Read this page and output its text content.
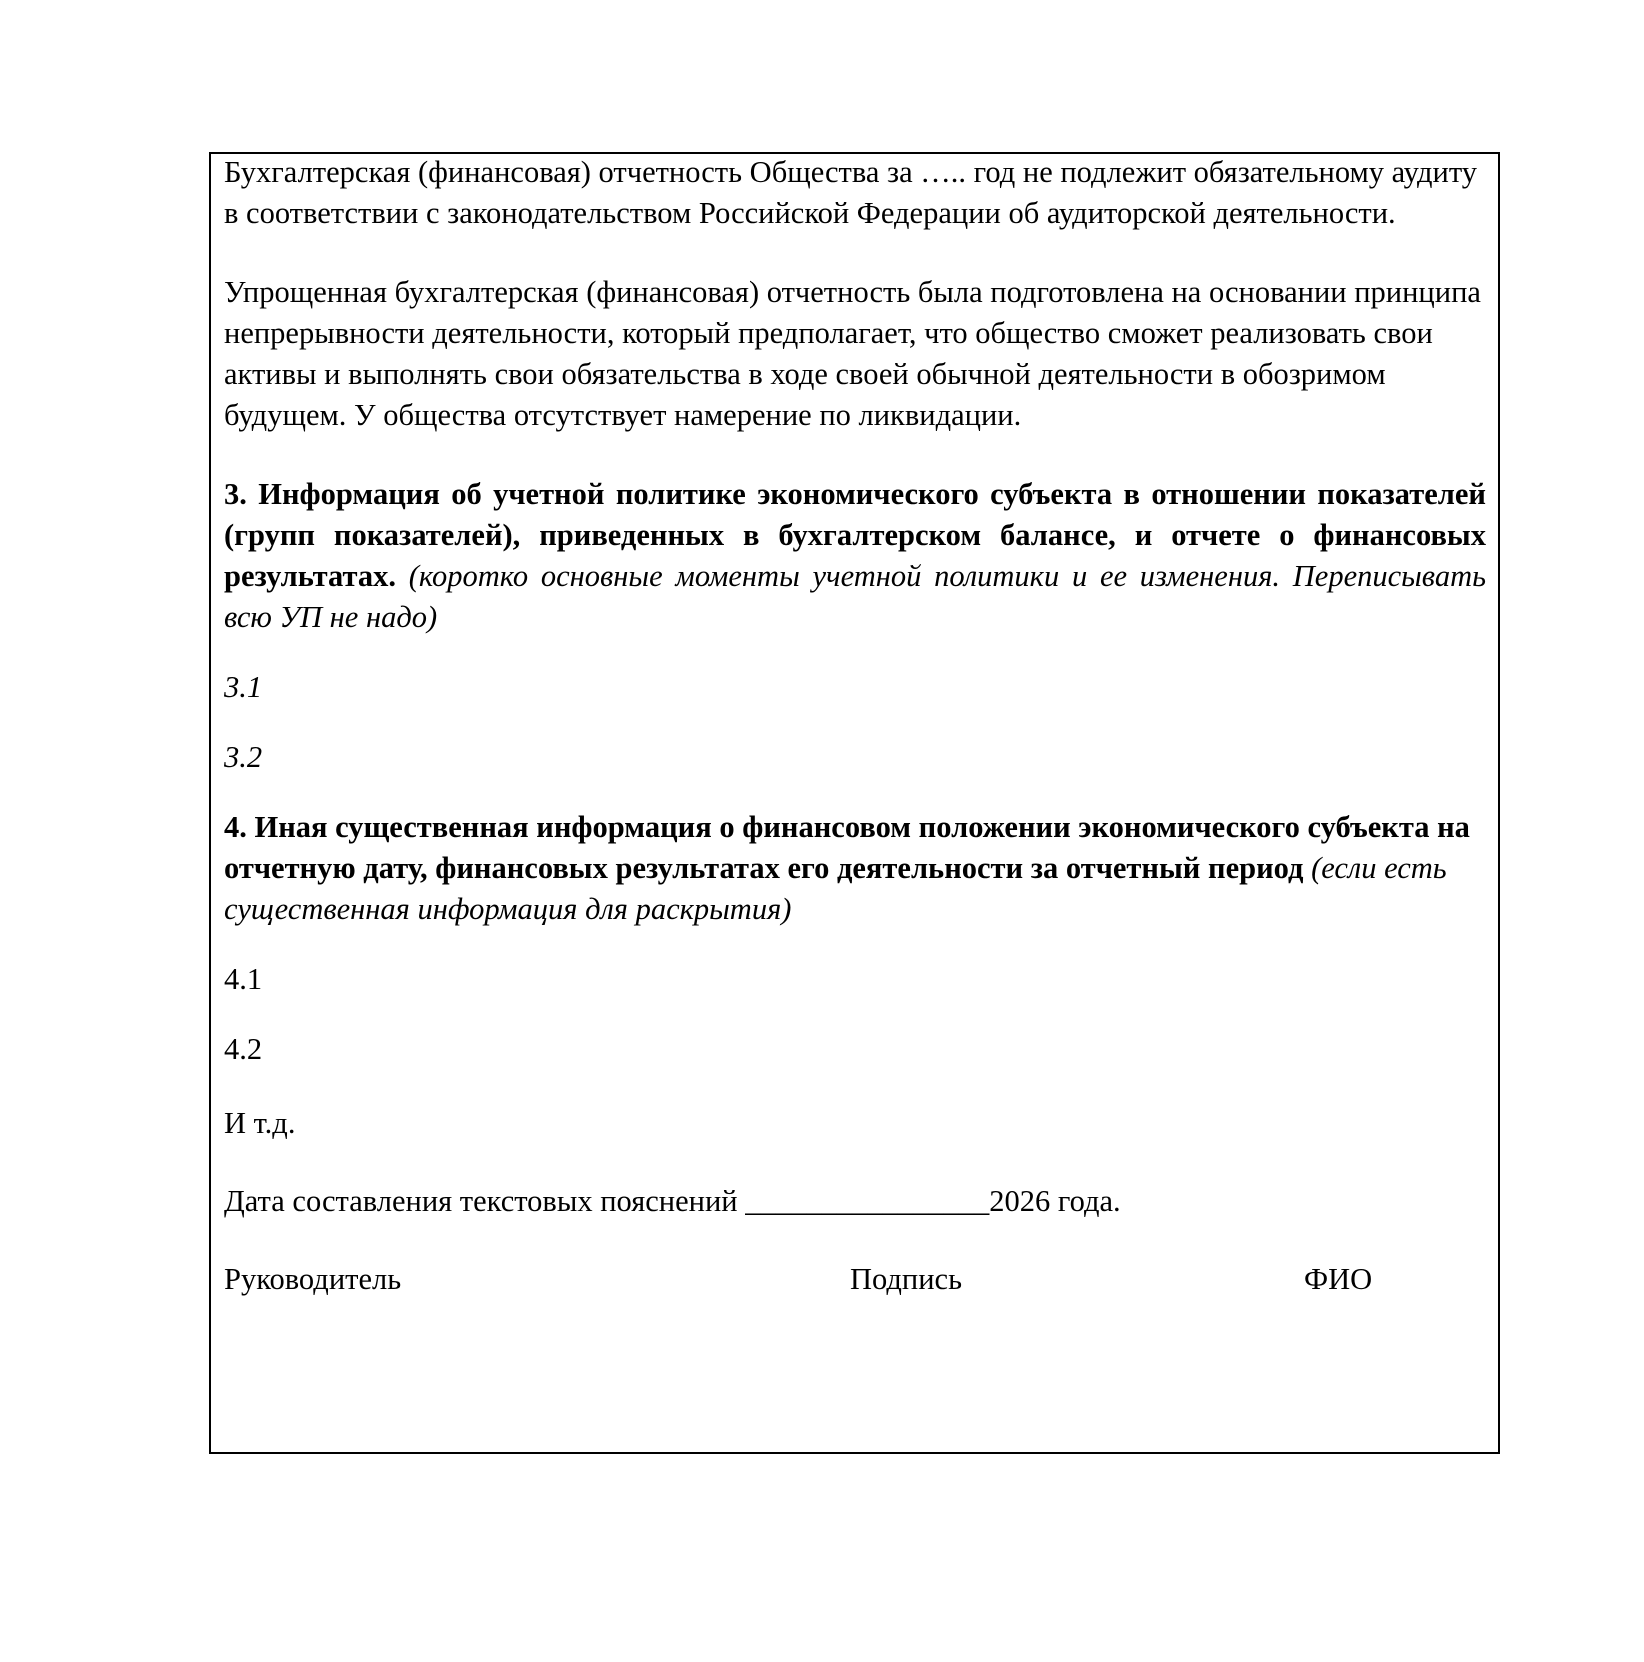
Бухгалтерская (финансовая) отчетность Общества за ….. год не подлежит обязательному аудиту в соответствии с законодательством Российской Федерации об аудиторской деятельности.

Упрощенная бухгалтерская (финансовая) отчетность была подготовлена на основании принципа непрерывности деятельности, который предполагает, что общество сможет реализовать свои активы и выполнять свои обязательства в ходе своей обычной деятельности в обозримом будущем. У общества отсутствует намерение по ликвидации.

3. Информация об учетной политике экономического субъекта в отношении показателей (групп показателей), приведенных в бухгалтерском балансе, и отчете о финансовых результатах. (коротко основные моменты учетной политики и ее изменения. Переписывать всю УП не надо)

3.1

3.2

4. Иная существенная информация о финансовом положении экономического субъекта на отчетную дату, финансовых результатах его деятельности за отчетный период (если есть существенная информация для раскрытия)

4.1

4.2

И т.д.

Дата составления текстовых пояснений ________________2026 года.

Руководитель	Подпись	ФИО
